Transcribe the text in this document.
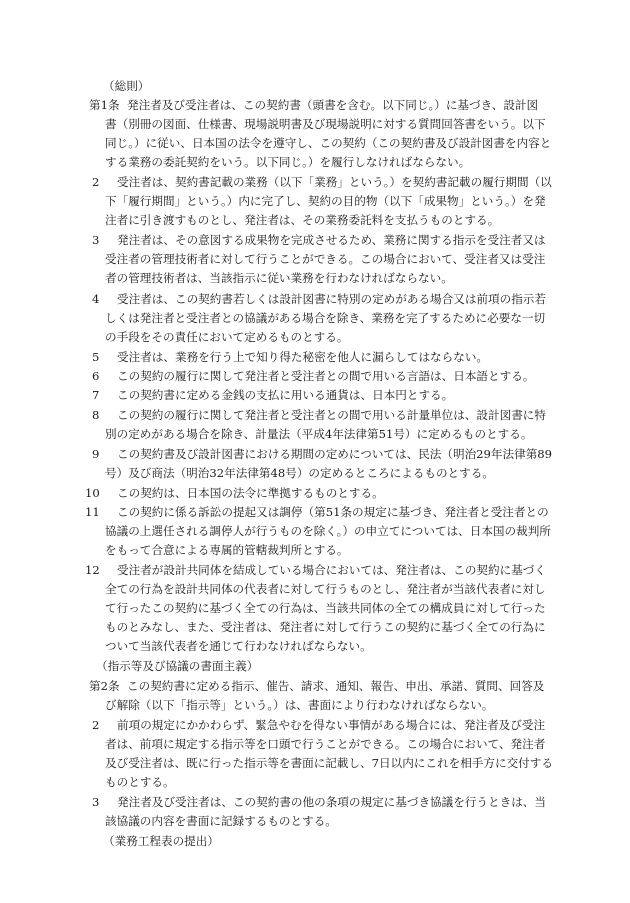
（総則）
第1条 発注者及び受注者は、この契約書（頭書を含む。以下同じ。）に基づき、設計図
書（別冊の図面、仕様書、現場説明書及び現場説明に対する質問回答書をいう。以下
同じ。）に従い、日本国の法令を遵守し、この契約（この契約書及び設計図書を内容と
する業務の委託契約をいう。以下同じ。）を履行しなければならない。
2 受注者は、契約書記載の業務（以下「業務」という。）を契約書記載の履行期間（以
下「履行期間」という。）内に完了し、契約の目的物（以下「成果物」という。）を発
注者に引き渡すものとし、発注者は、その業務委託料を支払うものとする。
3 発注者は、その意図する成果物を完成させるため、業務に関する指示を受注者又は
受注者の管理技術者に対して行うことができる。この場合において、受注者又は受注
者の管理技術者は、当該指示に従い業務を行わなければならない。
4 受注者は、この契約書若しくは設計図書に特別の定めがある場合又は前項の指示若
しくは発注者と受注者との協議がある場合を除き、業務を完了するために必要な一切
の手段をその責任において定めるものとする。
5 受注者は、業務を行う上で知り得た秘密を他人に漏らしてはならない。
6 この契約の履行に関して発注者と受注者との間で用いる言語は、日本語とする。
7 この契約書に定める金銭の支払に用いる通貨は、日本円とする。
8 この契約の履行に関して発注者と受注者との間で用いる計量単位は、設計図書に特
別の定めがある場合を除き、計量法（平成4年法律第51号）に定めるものとする。
9 この契約書及び設計図書における期間の定めについては、民法（明治29年法律第89
号）及び商法（明治32年法律第48号）の定めるところによるものとする。
10 この契約は、日本国の法令に準拠するものとする。
11 この契約に係る訴訟の提起又は調停（第51条の規定に基づき、発注者と受注者との
協議の上選任される調停人が行うものを除く。）の申立てについては、日本国の裁判所
をもって合意による専属的管轄裁判所とする。
12 受注者が設計共同体を結成している場合においては、発注者は、この契約に基づく
全ての行為を設計共同体の代表者に対して行うものとし、発注者が当該代表者に対し
て行ったこの契約に基づく全ての行為は、当該共同体の全ての構成員に対して行った
ものとみなし、また、受注者は、発注者に対して行うこの契約に基づく全ての行為に
ついて当該代表者を通じて行わなければならない。
（指示等及び協議の書面主義）
第2条 この契約書に定める指示、催告、請求、通知、報告、申出、承諾、質問、回答及
び解除（以下「指示等」という。）は、書面により行わなければならない。
2 前項の規定にかかわらず、緊急やむを得ない事情がある場合には、発注者及び受注
者は、前項に規定する指示等を口頭で行うことができる。この場合において、発注者
及び受注者は、既に行った指示等を書面に記載し、7日以内にこれを相手方に交付する
ものとする。
3 発注者及び受注者は、この契約書の他の条項の規定に基づき協議を行うときは、当
該協議の内容を書面に記録するものとする。
（業務工程表の提出）
